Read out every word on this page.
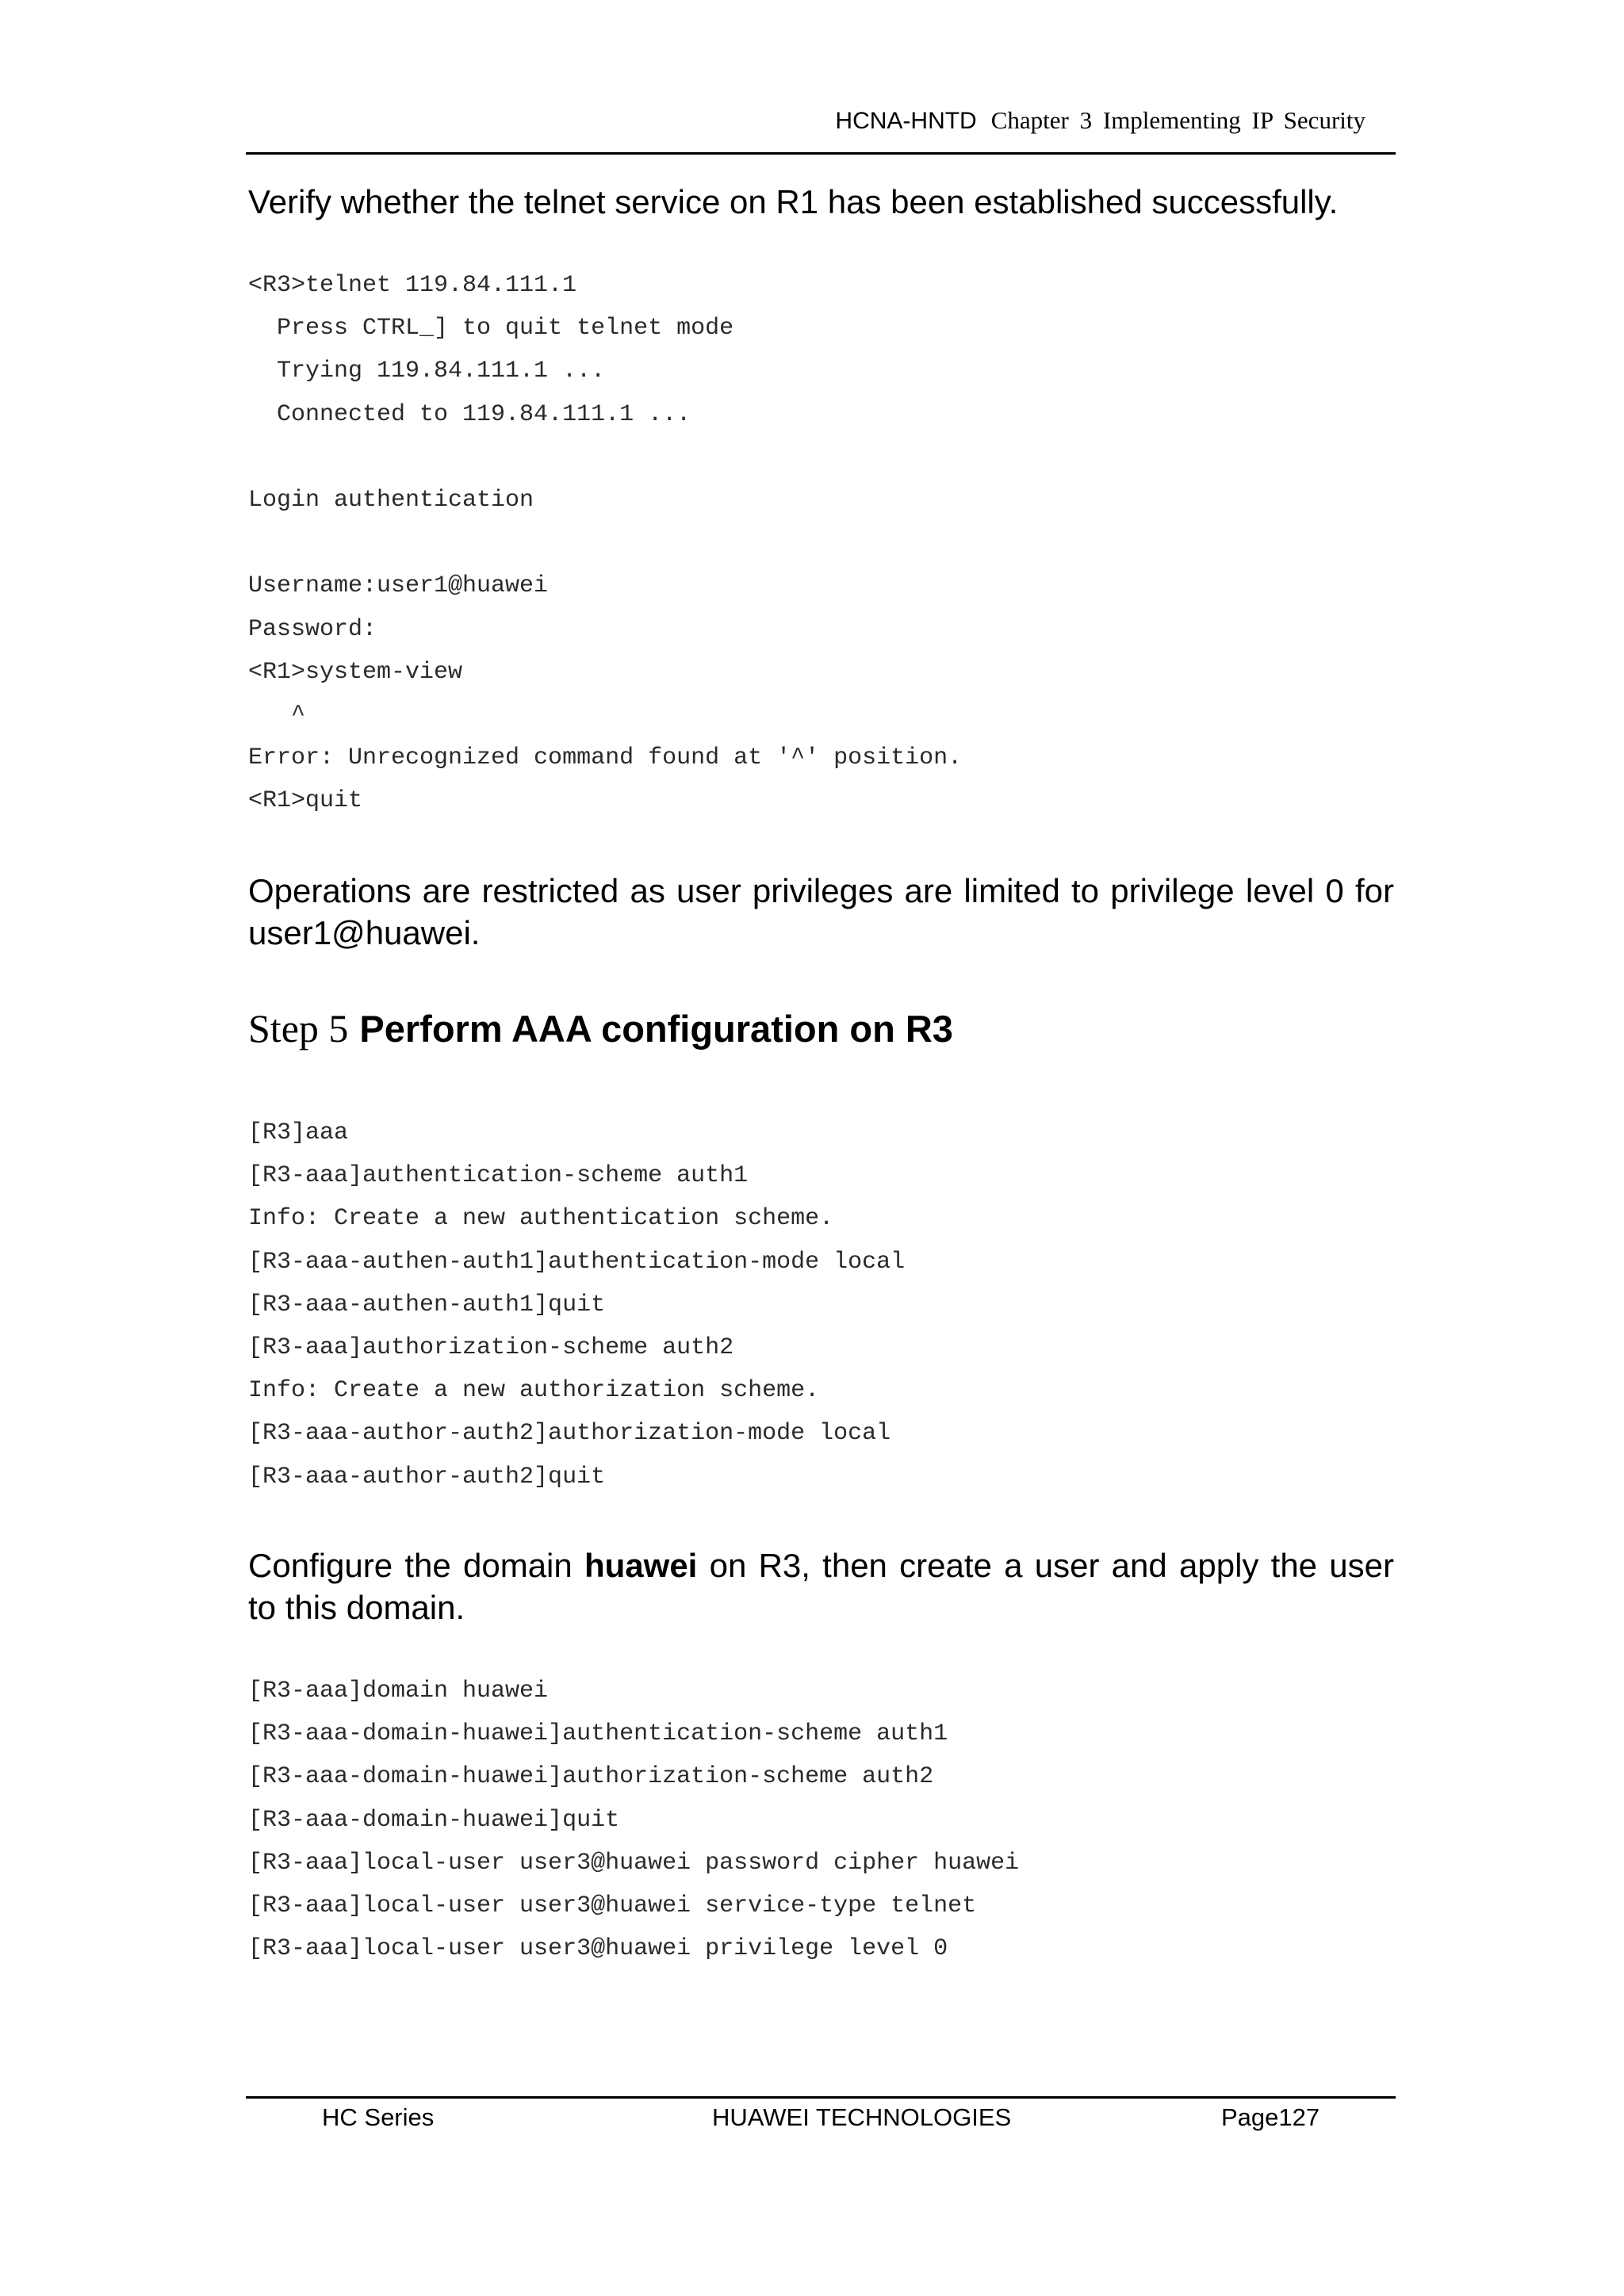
HCNA-HNTD Chapter 3 Implementing IP Security

Verify whether the telnet service on R1 has been established successfully.

<R3>telnet 119.84.111.1
Press CTRL_] to quit telnet mode
Trying 119.84.111.1 ...
Connected to 119.84.111.1 ...

Login authentication

Username:user1@huawei
Password:
<R1>system-view
^
Error: Unrecognized command found at '^' position.
<R1>quit

Operations are restricted as user privileges are limited to privilege level 0 for user1@huawei.

Step 5 Perform AAA configuration on R3
[R3]aaa
[R3-aaa]authentication-scheme auth1
Info: Create a new authentication scheme.
[R3-aaa-authen-auth1]authentication-mode local
[R3-aaa-authen-auth1]quit
[R3-aaa]authorization-scheme auth2
Info: Create a new authorization scheme.
[R3-aaa-author-auth2]authorization-mode local
[R3-aaa-author-auth2]quit

Configure the domain huawei on R3, then create a user and apply the user to this domain.

[R3-aaa]domain huawei
[R3-aaa-domain-huawei]authentication-scheme auth1
[R3-aaa-domain-huawei]authorization-scheme auth2
[R3-aaa-domain-huawei]quit
[R3-aaa]local-user user3@huawei password cipher huawei
[R3-aaa]local-user user3@huawei service-type telnet
[R3-aaa]local-user user3@huawei privilege level 0
HC Series	HUAWEI TECHNOLOGIES	Page127
